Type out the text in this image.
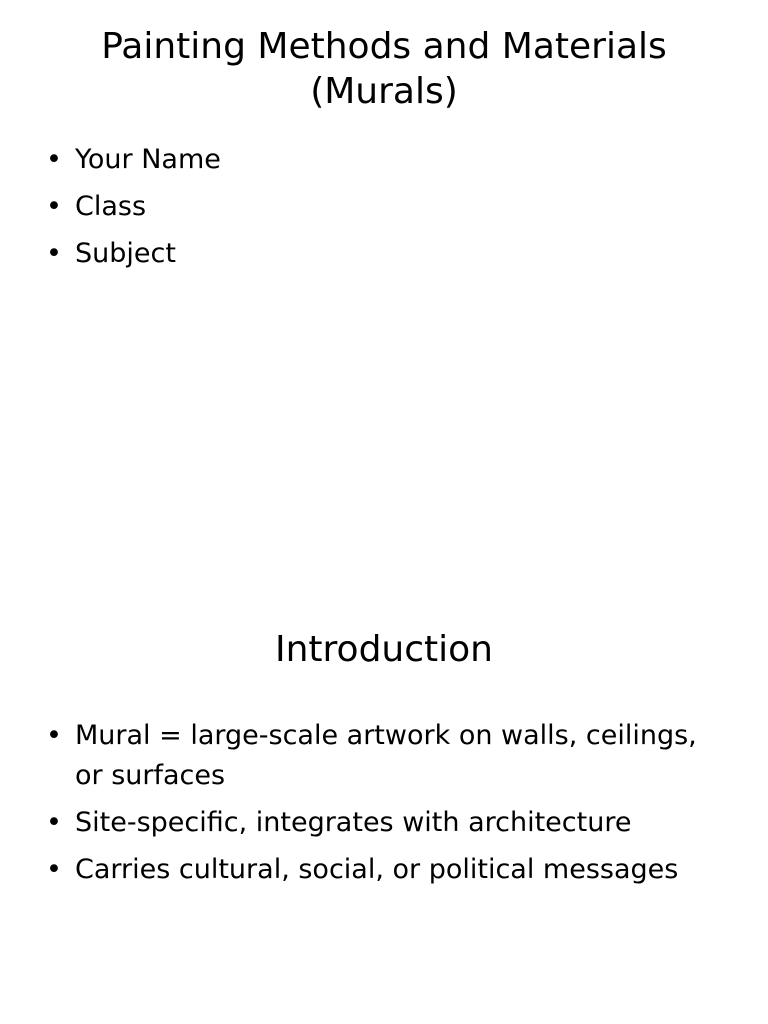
Painting Methods and Materials (Murals)
• Your Name
• Class
• Subject
Introduction
• Mural = large-scale artwork on walls, ceilings, or surfaces
• Site-specific, integrates with architecture
• Carries cultural, social, or political messages
